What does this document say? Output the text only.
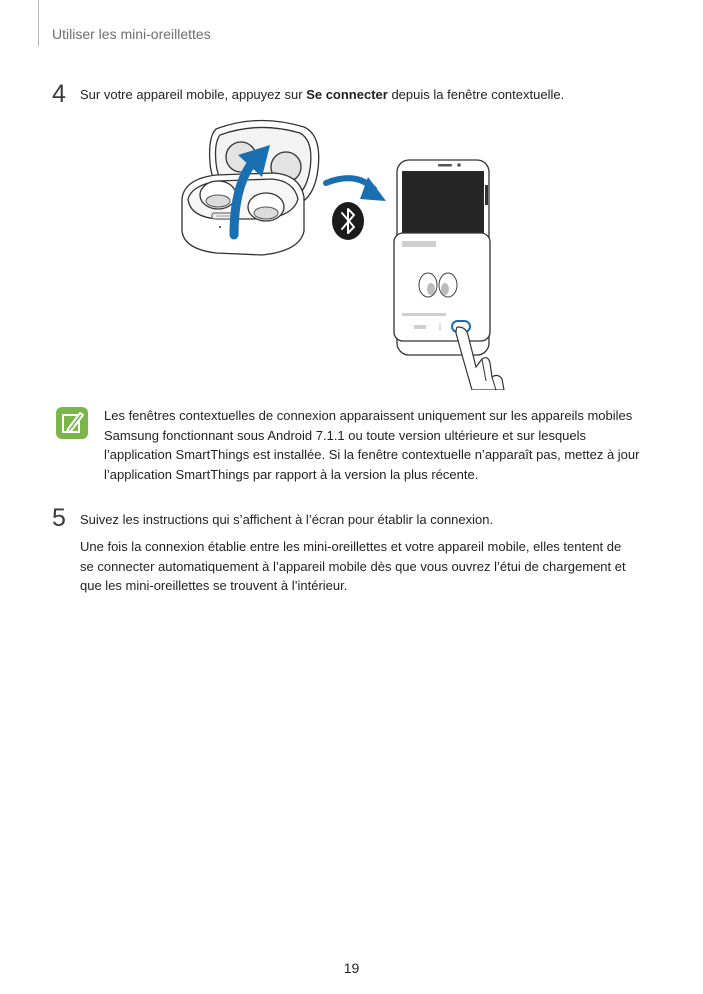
Utiliser les mini-oreillettes
4 Sur votre appareil mobile, appuyez sur Se connecter depuis la fenêtre contextuelle.
Les fenêtres contextuelles de connexion apparaissent uniquement sur les appareils mobiles
Samsung fonctionnant sous Android 7.1.1 ou toute version ultérieure et sur lesquels
l’application SmartThings est installée. Si la fenêtre contextuelle n’apparaît pas, mettez à jour
l’application SmartThings par rapport à la version la plus récente.
5 Suivez les instructions qui s’affichent à l’écran pour établir la connexion.
Une fois la connexion établie entre les mini-oreillettes et votre appareil mobile, elles tentent de
se connecter automatiquement à l’appareil mobile dès que vous ouvrez l’étui de chargement et
que les mini-oreillettes se trouvent à l’intérieur.
19
